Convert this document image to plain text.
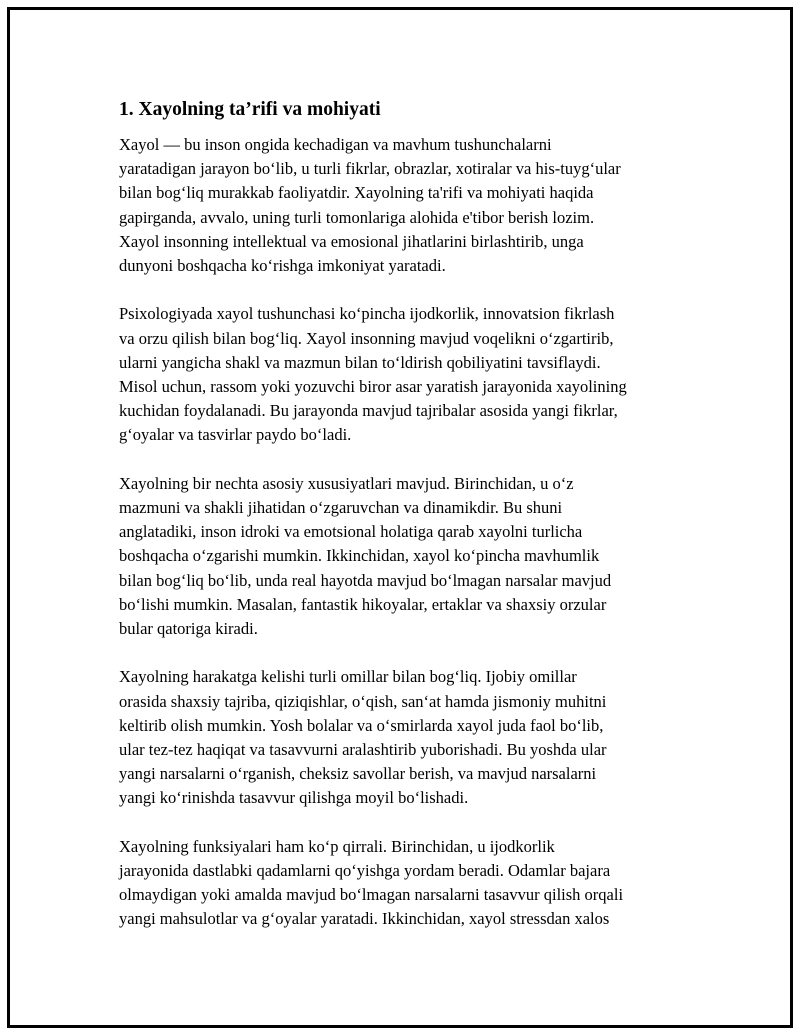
1. Xayolning ta’rifi va mohiyati

Xayol — bu inson ongida kechadigan va mavhum tushunchalarni
yaratadigan jarayon bo‘lib, u turli fikrlar, obrazlar, xotiralar va his-tuyg‘ular
bilan bog‘liq murakkab faoliyatdir. Xayolning ta'rifi va mohiyati haqida
gapirganda, avvalo, uning turli tomonlariga alohida e'tibor berish lozim.
Xayol insonning intellektual va emosional jihatlarini birlashtirib, unga
dunyoni boshqacha ko‘rishga imkoniyat yaratadi.

Psixologiyada xayol tushunchasi ko‘pincha ijodkorlik, innovatsion fikrlash
va orzu qilish bilan bog‘liq. Xayol insonning mavjud voqelikni o‘zgartirib,
ularni yangicha shakl va mazmun bilan to‘ldirish qobiliyatini tavsiflaydi.
Misol uchun, rassom yoki yozuvchi biror asar yaratish jarayonida xayolining
kuchidan foydalanadi. Bu jarayonda mavjud tajribalar asosida yangi fikrlar,
g‘oyalar va tasvirlar paydo bo‘ladi.

Xayolning bir nechta asosiy xususiyatlari mavjud. Birinchidan, u o‘z
mazmuni va shakli jihatidan o‘zgaruvchan va dinamikdir. Bu shuni
anglatadiki, inson idroki va emotsional holatiga qarab xayolni turlicha
boshqacha o‘zgarishi mumkin. Ikkinchidan, xayol ko‘pincha mavhumlik
bilan bog‘liq bo‘lib, unda real hayotda mavjud bo‘lmagan narsalar mavjud
bo‘lishi mumkin. Masalan, fantastik hikoyalar, ertaklar va shaxsiy orzular
bular qatoriga kiradi.

Xayolning harakatga kelishi turli omillar bilan bog‘liq. Ijobiy omillar
orasida shaxsiy tajriba, qiziqishlar, o‘qish, san‘at hamda jismoniy muhitni
keltirib olish mumkin. Yosh bolalar va o‘smirlarda xayol juda faol bo‘lib,
ular tez-tez haqiqat va tasavvurni aralashtirib yuborishadi. Bu yoshda ular
yangi narsalarni o‘rganish, cheksiz savollar berish, va mavjud narsalarni
yangi ko‘rinishda tasavvur qilishga moyil bo‘lishadi.

Xayolning funksiyalari ham ko‘p qirrali. Birinchidan, u ijodkorlik
jarayonida dastlabki qadamlarni qo‘yishga yordam beradi. Odamlar bajara
olmaydigan yoki amalda mavjud bo‘lmagan narsalarni tasavvur qilish orqali
yangi mahsulotlar va g‘oyalar yaratadi. Ikkinchidan, xayol stressdan xalos
